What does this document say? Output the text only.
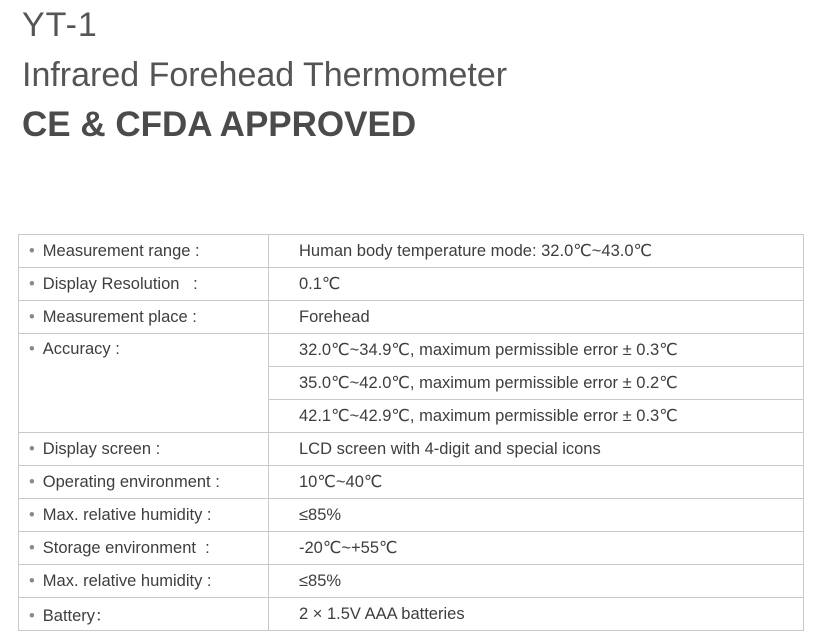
YT-1
Infrared Forehead Thermometer
CE & CFDA APPROVED
• Measurement range :	Human body temperature mode: 32.0℃~43.0℃
• Display Resolution   :	0.1℃
• Measurement place :	Forehead
• Accuracy :	32.0℃~34.9℃, maximum permissible error ± 0.3℃
	35.0℃~42.0℃, maximum permissible error ± 0.2℃
	42.1℃~42.9℃, maximum permissible error ± 0.3℃
• Display screen :	LCD screen with 4-digit and special icons
• Operating environment :	10℃~40℃
• Max. relative humidity :	≤85%
• Storage environment  :	-20℃~+55℃
• Max. relative humidity :	≤85%
• Battery：	2 × 1.5V AAA batteries
